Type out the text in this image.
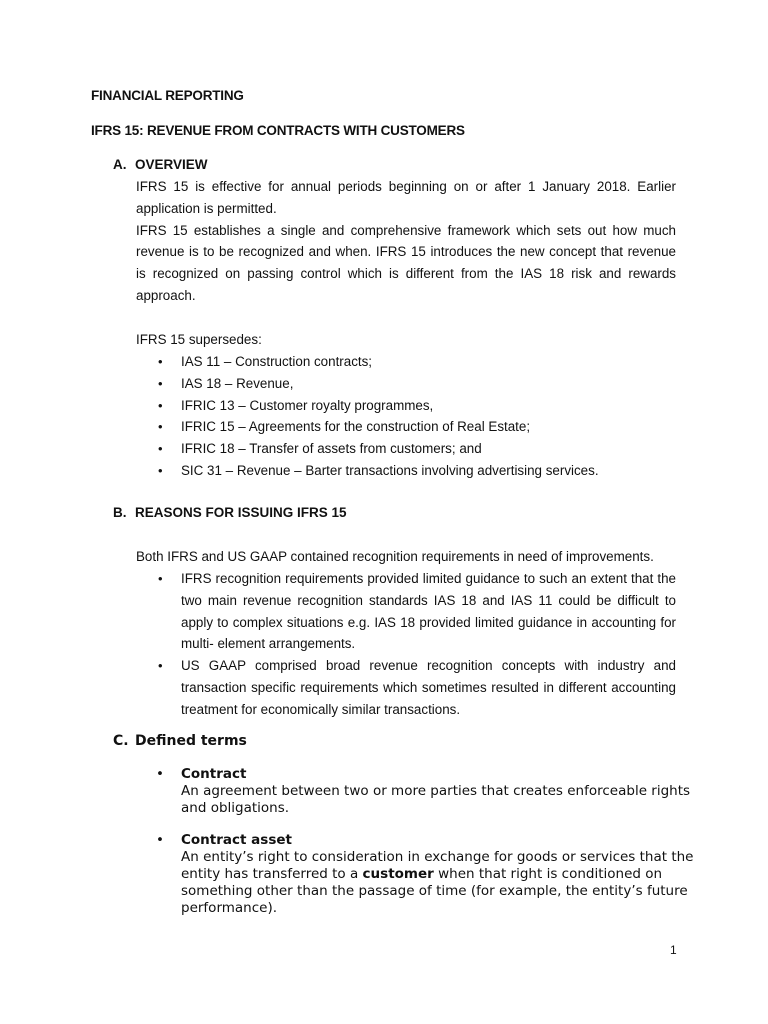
FINANCIAL REPORTING
IFRS 15: REVENUE FROM CONTRACTS WITH CUSTOMERS
A. OVERVIEW

IFRS 15 is effective for annual periods beginning on or after 1 January 2018. Earlier application is permitted.

IFRS 15 establishes a single and comprehensive framework which sets out how much revenue is to be recognized and when. IFRS 15 introduces the new concept that revenue is recognized on passing control which is different from the IAS 18 risk and rewards approach.

IFRS 15 supersedes:
• IAS 11 – Construction contracts;
• IAS 18 – Revenue,
• IFRIC 13 – Customer royalty programmes,
• IFRIC 15 – Agreements for the construction of Real Estate;
• IFRIC 18 – Transfer of assets from customers; and
• SIC 31 – Revenue – Barter transactions involving advertising services.
B. REASONS FOR ISSUING IFRS 15
Both IFRS and US GAAP contained recognition requirements in need of improvements.
• IFRS recognition requirements provided limited guidance to such an extent that the two main revenue recognition standards IAS 18 and IAS 11 could be difficult to apply to complex situations e.g. IAS 18 provided limited guidance in accounting for multi- element arrangements.
• US GAAP comprised broad revenue recognition concepts with industry and transaction specific requirements which sometimes resulted in different accounting treatment for economically similar transactions.
C. Defined terms
• Contract
An agreement between two or more parties that creates enforceable rights and obligations.
• Contract asset
An entity’s right to consideration in exchange for goods or services that the entity has transferred to a customer when that right is conditioned on something other than the passage of time (for example, the entity’s future performance).
1
